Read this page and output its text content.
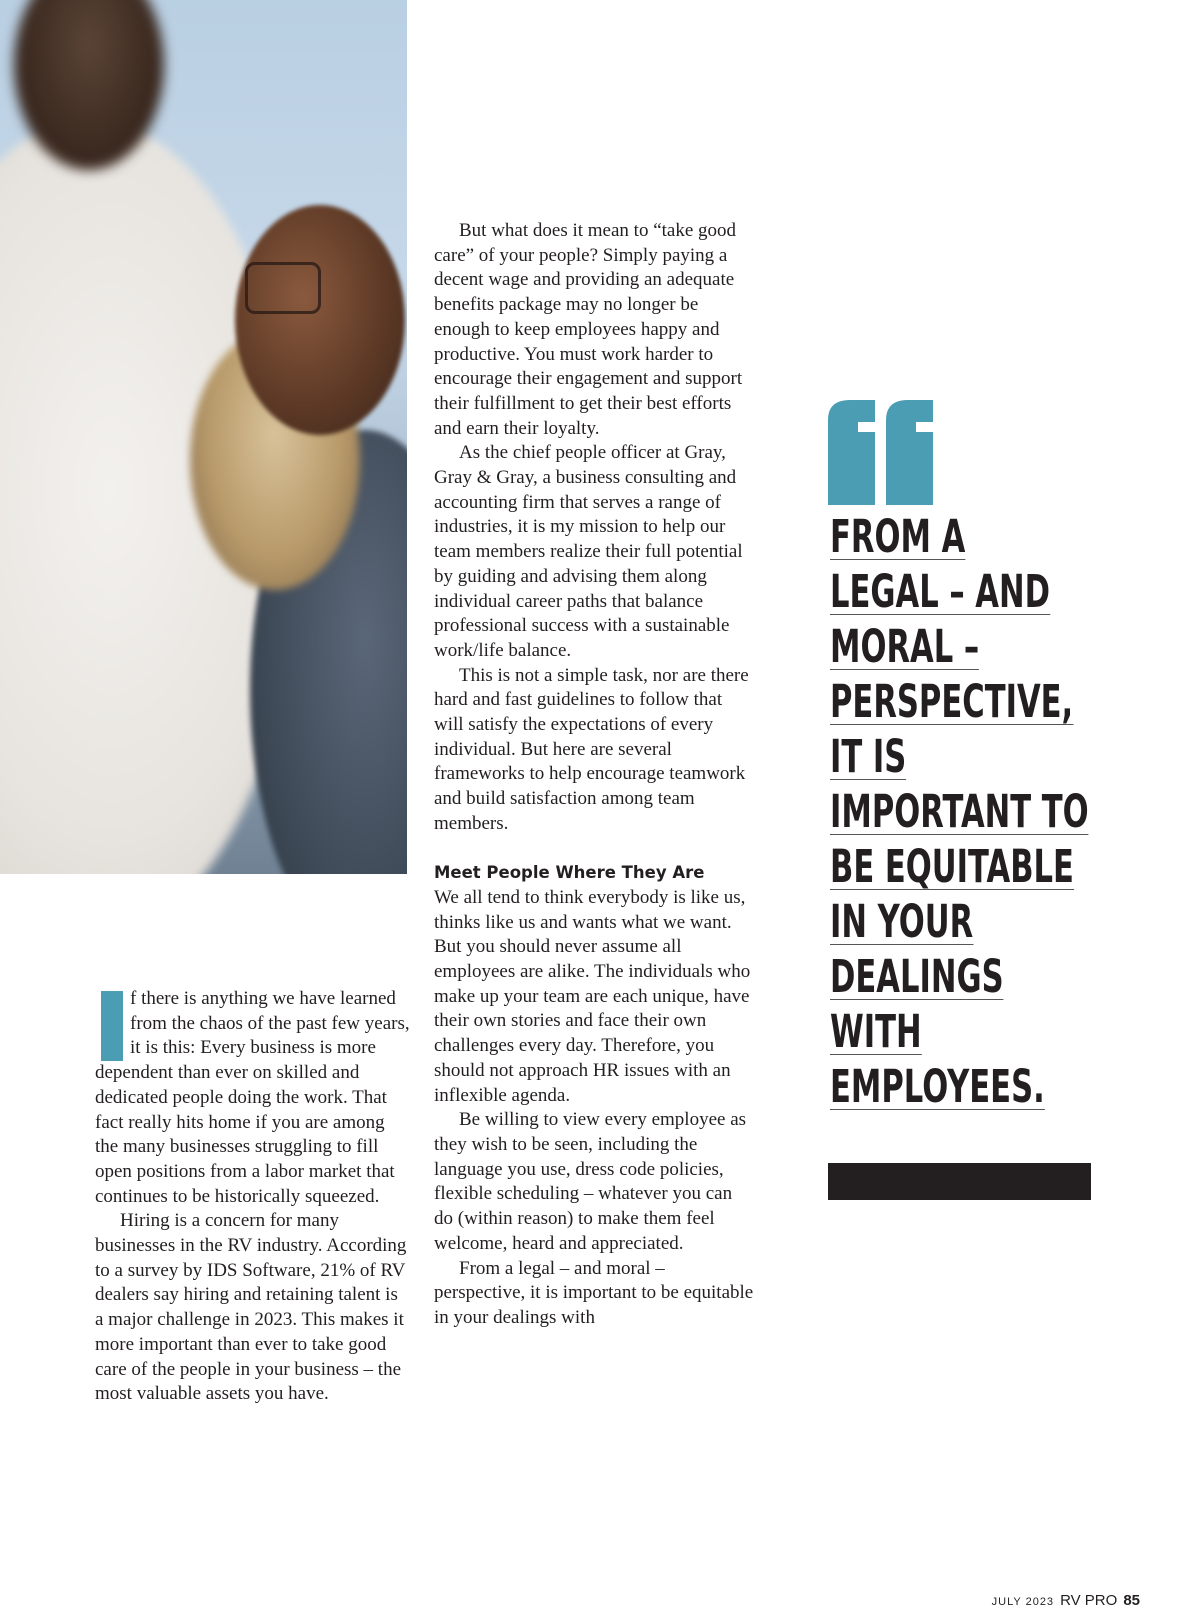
But what does it mean to “take good care” of your people? Simply paying a decent wage and providing an adequate benefits package may no longer be enough to keep employees happy and productive. You must work harder to encourage their engagement and support their fulfillment to get their best efforts and earn their loyalty.

As the chief people officer at Gray, Gray & Gray, a business consulting and accounting firm that serves a range of industries, it is my mission to help our team members realize their full potential by guiding and advising them along individual career paths that balance professional success with a sustainable work/life balance.

This is not a simple task, nor are there hard and fast guidelines to follow that will satisfy the expectations of every individual. But here are several frameworks to help encourage teamwork and build satisfaction among team members.

Meet People Where They Are

We all tend to think everybody is like us, thinks like us and wants what we want. But you should never assume all employees are alike. The individuals who make up your team are each unique, have their own stories and face their own challenges every day. Therefore, you should not approach HR issues with an inflexible agenda.

Be willing to view every employee as they wish to be seen, including the language you use, dress code policies, flexible scheduling – whatever you can do (within reason) to make them feel welcome, heard and appreciated.

From a legal – and moral – perspective, it is important to be equitable in your dealings with

I	f there is anything we have learned from the chaos of the past few years, it is this: Every business is more dependent than ever on skilled and dedicated people doing the work. That fact really hits home if you are among the many businesses struggling to fill open positions from a labor market that continues to be historically squeezed.

Hiring is a concern for many businesses in the RV industry. According to a survey by IDS Software, 21% of RV dealers say hiring and retaining talent is a major challenge in 2023. This makes it more important than ever to take good care of the people in your business – the most valuable assets you have.

FROM A
LEGAL – AND
MORAL –
PERSPECTIVE,
IT IS
IMPORTANT TO
BE EQUITABLE
IN YOUR
DEALINGS
WITH
EMPLOYEES.
JULY 2023 RV PRO 85
